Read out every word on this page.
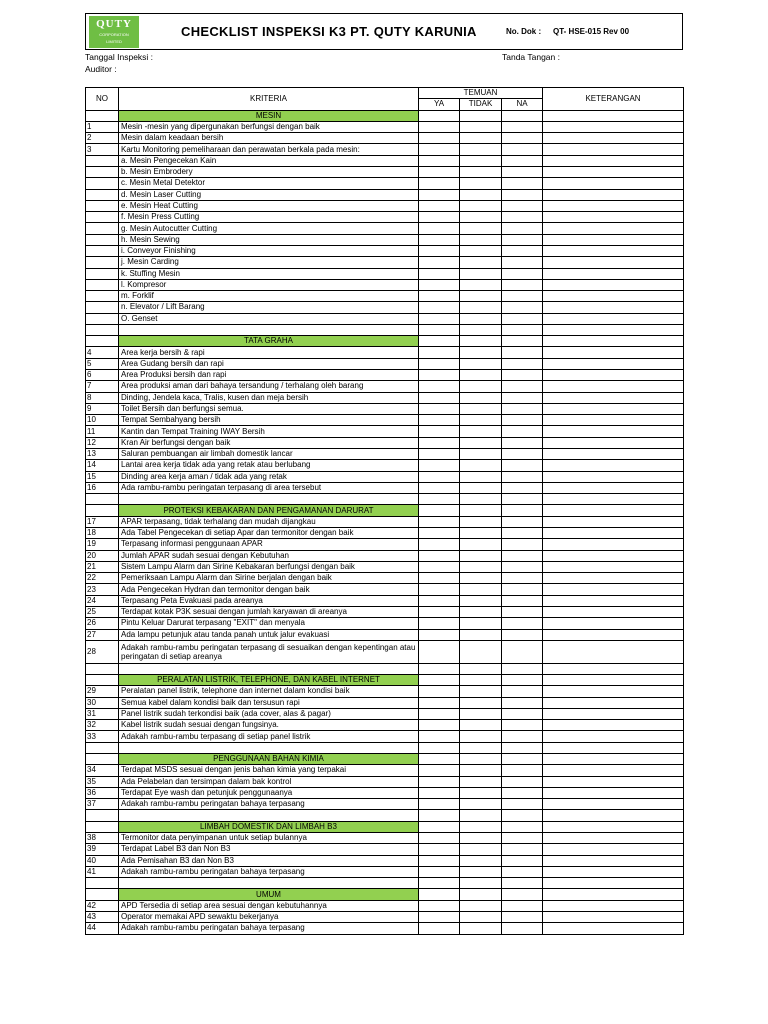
QUTY
CORPORATION
LIMITED
CHECKLIST INSPEKSI K3 PT. QUTY KARUNIA	No. Dok : QT- HSE-015 Rev 00
Tanggal Inspeksi :
Auditor :
Tanda Tangan :
NO	KRITERIA	TEMUAN			KETERANGAN
		YA	TIDAK	NA	
	MESIN				
1	Mesin -mesin yang dipergunakan berfungsi dengan baik				
2	Mesin dalam keadaan bersih				
3	Kartu Monitoring pemeliharaan dan perawatan berkala pada mesin:				
	a. Mesin Pengecekan Kain				
	b. Mesin Embrodery				
	c. Mesin Metal Detektor				
	d. Mesin Laser Cutting				
	e. Mesin Heat Cutting				
	f. Mesin Press Cutting				
	g. Mesin Autocutter Cutting				
	h. Mesin Sewing				
	i. Conveyor Finishing				
	j. Mesin Carding				
	k. Stuffing Mesin				
	l. Kompresor				
	m. Forklif				
	n. Elevator / Lift Barang				
	O. Genset				

	TATA GRAHA				
4	Area kerja bersih & rapi				
5	Area Gudang bersih dan rapi				
6	Area Produksi bersih dan rapi				
7	Area produksi aman dari bahaya tersandung / terhalang oleh barang				
8	Dinding, Jendela kaca, Tralis, kusen dan meja bersih				
9	Toilet Bersih dan berfungsi semua.				
10	Tempat Sembahyang bersih				
11	Kantin dan Tempat Training IWAY Bersih				
12	Kran Air berfungsi dengan baik				
13	Saluran pembuangan air limbah domestik lancar				
14	Lantai area kerja tidak ada yang retak atau berlubang				
15	Dinding area kerja aman / tidak ada yang retak				
16	Ada rambu-rambu peringatan terpasang di area tersebut				

	PROTEKSI KEBAKARAN DAN PENGAMANAN DARURAT				
17	APAR terpasang, tidak terhalang dan mudah dijangkau				
18	Ada Tabel Pengecekan di setiap Apar dan termonitor dengan baik				
19	Terpasang informasi penggunaan APAR				
20	Jumlah APAR sudah sesuai dengan Kebutuhan				
21	Sistem Lampu Alarm dan Sirine Kebakaran berfungsi dengan baik				
22	Pemeriksaan Lampu Alarm dan Sirine berjalan dengan baik				
23	Ada Pengecekan Hydran dan termonitor dengan baik				
24	Terpasang Peta Evakuasi pada areanya				
25	Terdapat kotak P3K sesuai dengan jumlah karyawan di areanya				
26	Pintu Keluar Darurat terpasang "EXIT" dan menyala				
27	Ada lampu petunjuk atau tanda panah untuk jalur evakuasi				
28	Adakah rambu-rambu peringatan terpasang di sesuaikan dengan kepentingan atau peringatan di setiap areanya				

	PERALATAN LISTRIK, TELEPHONE, DAN KABEL INTERNET				
29	Peralatan panel listrik, telephone dan internet dalam kondisi baik				
30	Semua kabel dalam kondisi baik dan tersusun rapi				
31	Panel listrik sudah terkondisi baik (ada cover, alas & pagar)				
32	Kabel listrik sudah sesuai dengan fungsinya.				
33	Adakah rambu-rambu terpasang di setiap panel listrik				

	PENGGUNAAN BAHAN KIMIA				
34	Terdapat MSDS sesuai dengan jenis bahan kimia yang terpakai				
35	Ada Pelabelan dan tersimpan dalam bak kontrol				
36	Terdapat Eye wash dan petunjuk penggunaanya				
37	Adakah rambu-rambu peringatan bahaya terpasang				

	LIMBAH DOMESTIK DAN LIMBAH B3				
38	Termonitor data penyimpanan untuk setiap bulannya				
39	Terdapat Label B3 dan Non B3				
40	Ada Pemisahan B3 dan Non B3				
41	Adakah rambu-rambu peringatan bahaya terpasang				

	UMUM				
42	APD Tersedia di setiap area sesuai dengan kebutuhannya				
43	Operator memakai APD sewaktu bekerjanya				
44	Adakah rambu-rambu peringatan bahaya terpasang				
